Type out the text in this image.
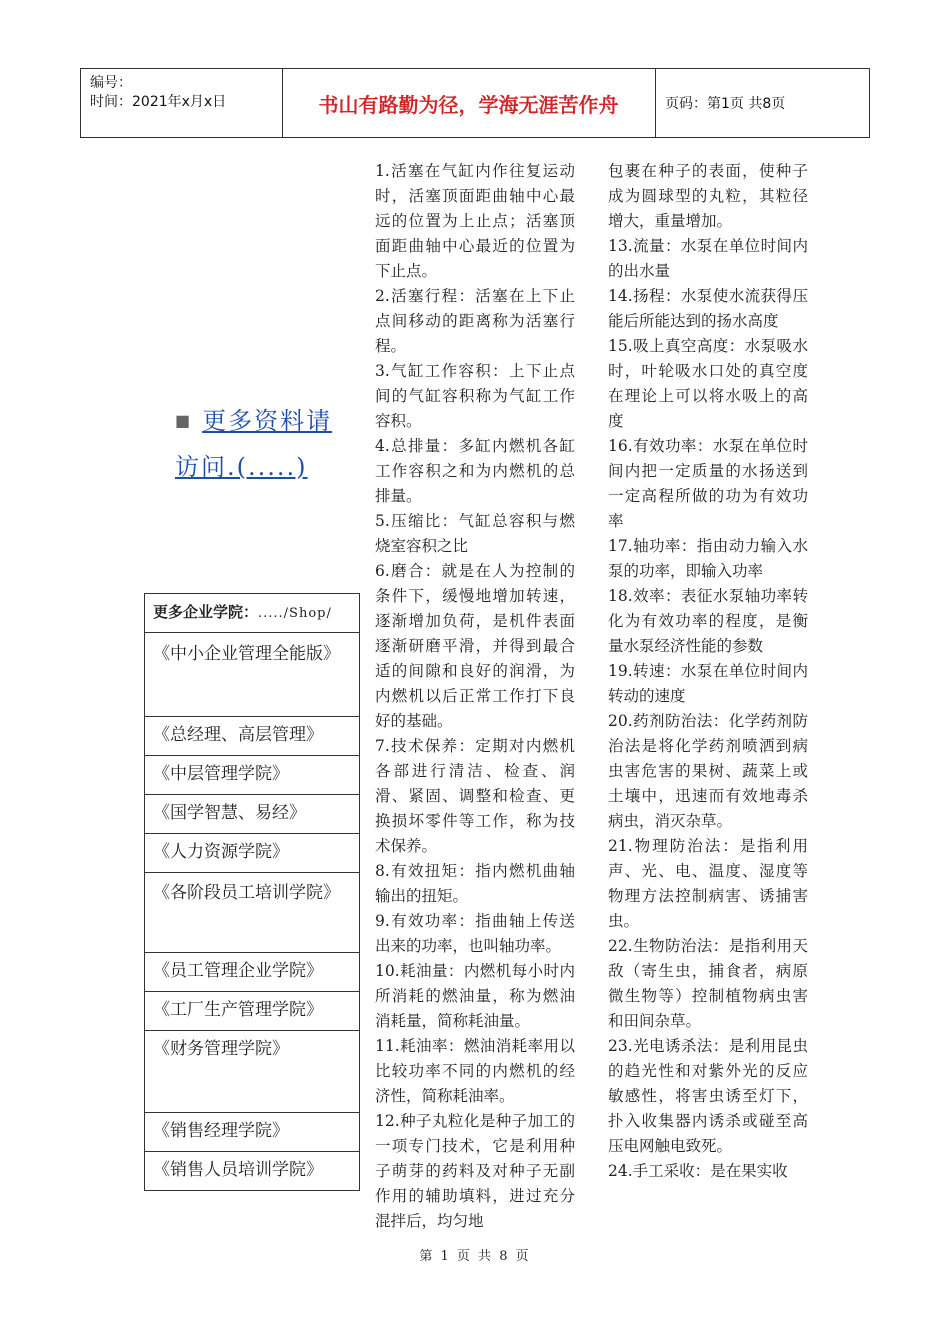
编号：
时间：2021年x月x日	书山有路勤为径，学海无涯苦作舟	页码：第1页 共8页
■ 更多资料请访问.(.....)
更多企业学院：...../Shop/
《中小企业管理全能版》
《总经理、高层管理》
《中层管理学院》
《国学智慧、易经》
《人力资源学院》
《各阶段员工培训学院》
《员工管理企业学院》
《工厂生产管理学院》
《财务管理学院》
《销售经理学院》
《销售人员培训学院》

1.活塞在气缸内作往复运动时，活塞顶面距曲轴中心最远的位置为上止点；活塞顶面距曲轴中心最近的位置为下止点。

2.活塞行程：活塞在上下止点间移动的距离称为活塞行程。

3.气缸工作容积：上下止点间的气缸容积称为气缸工作容积。

4.总排量：多缸内燃机各缸工作容积之和为内燃机的总排量。

5.压缩比：气缸总容积与燃烧室容积之比

6.磨合：就是在人为控制的条件下，缓慢地增加转速，逐渐增加负荷，是机件表面逐渐研磨平滑，并得到最合适的间隙和良好的润滑，为内燃机以后正常工作打下良好的基础。

7.技术保养：定期对内燃机各部进行清洁、检查、润滑、紧固、调整和检查、更换损坏零件等工作，称为技术保养。

8.有效扭矩：指内燃机曲轴输出的扭矩。

9.有效功率：指曲轴上传送出来的功率，也叫轴功率。

10.耗油量：内燃机每小时内所消耗的燃油量，称为燃油消耗量，简称耗油量。

11.耗油率：燃油消耗率用以比较功率不同的内燃机的经济性，简称耗油率。

12.种子丸粒化是种子加工的一项专门技术，它是利用种子萌芽的药料及对种子无副作用的辅助填料，进过充分混拌后，均匀地

包裹在种子的表面，使种子成为圆球型的丸粒，其粒径增大，重量增加。

13.流量：水泵在单位时间内的出水量

14.扬程：水泵使水流获得压能后所能达到的扬水高度

15.吸上真空高度：水泵吸水时，叶轮吸水口处的真空度在理论上可以将水吸上的高度

16.有效功率：水泵在单位时间内把一定质量的水扬送到一定高程所做的功为有效功率

17.轴功率：指由动力输入水泵的功率，即输入功率

18.效率：表征水泵轴功率转化为有效功率的程度，是衡量水泵经济性能的参数

19.转速：水泵在单位时间内转动的速度

20.药剂防治法：化学药剂防治法是将化学药剂喷洒到病虫害危害的果树、蔬菜上或土壤中，迅速而有效地毒杀病虫，消灭杂草。

21.物理防治法：是指利用声、光、电、温度、湿度等物理方法控制病害、诱捕害虫。

22.生物防治法：是指利用天敌（寄生虫，捕食者，病原微生物等）控制植物病虫害和田间杂草。

23.光电诱杀法：是利用昆虫的趋光性和对紫外光的反应敏感性，将害虫诱至灯下，扑入收集器内诱杀或碰至高压电网触电致死。

24.手工采收：是在果实收

第 1 页 共 8 页
